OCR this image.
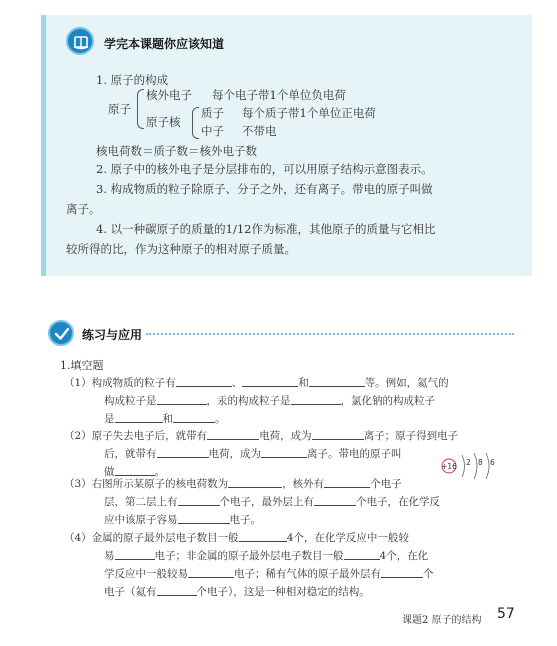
学完本课题你应该知道
1. 原子的构成
原子
核外电子 每个电子带1个单位负电荷
原子核
质子 每个质子带1个单位正电荷
中子 不带电
核电荷数＝质子数＝核外电子数
2. 原子中的核外电子是分层排布的，可以用原子结构示意图表示。
3. 构成物质的粒子除原子、分子之外，还有离子。带电的原子叫做
离子。
4. 以一种碳原子的质量的1/12作为标准，其他原子的质量与它相比
较所得的比，作为这种原子的相对原子质量。
练习与应用
1.填空题
（1）构成物质的粒子有	、	和	等。例如，氦气的
构成粒子是	，汞的构成粒子是	，氯化钠的构成粒子
是	和	。
（2）原子失去电子后，就带有	电荷，成为	离子；原子得到电子
后，就带有	电荷，成为	离子。带电的原子叫
做	。	+16 2 8 6
（3）右图所示某原子的核电荷数为	，核外有	个电子
层，第二层上有	个电子，最外层上有	个电子，在化学反
应中该原子容易	电子。
（4）金属的原子最外层电子数目一般	4个，在化学反应中一般较
易	电子；非金属的原子最外层电子数目一般	4个，在化
学反应中一般较易	电子；稀有气体的原子最外层有	个
电子（氦有	个电子），这是一种相对稳定的结构。
课题2 原子的结构 57
